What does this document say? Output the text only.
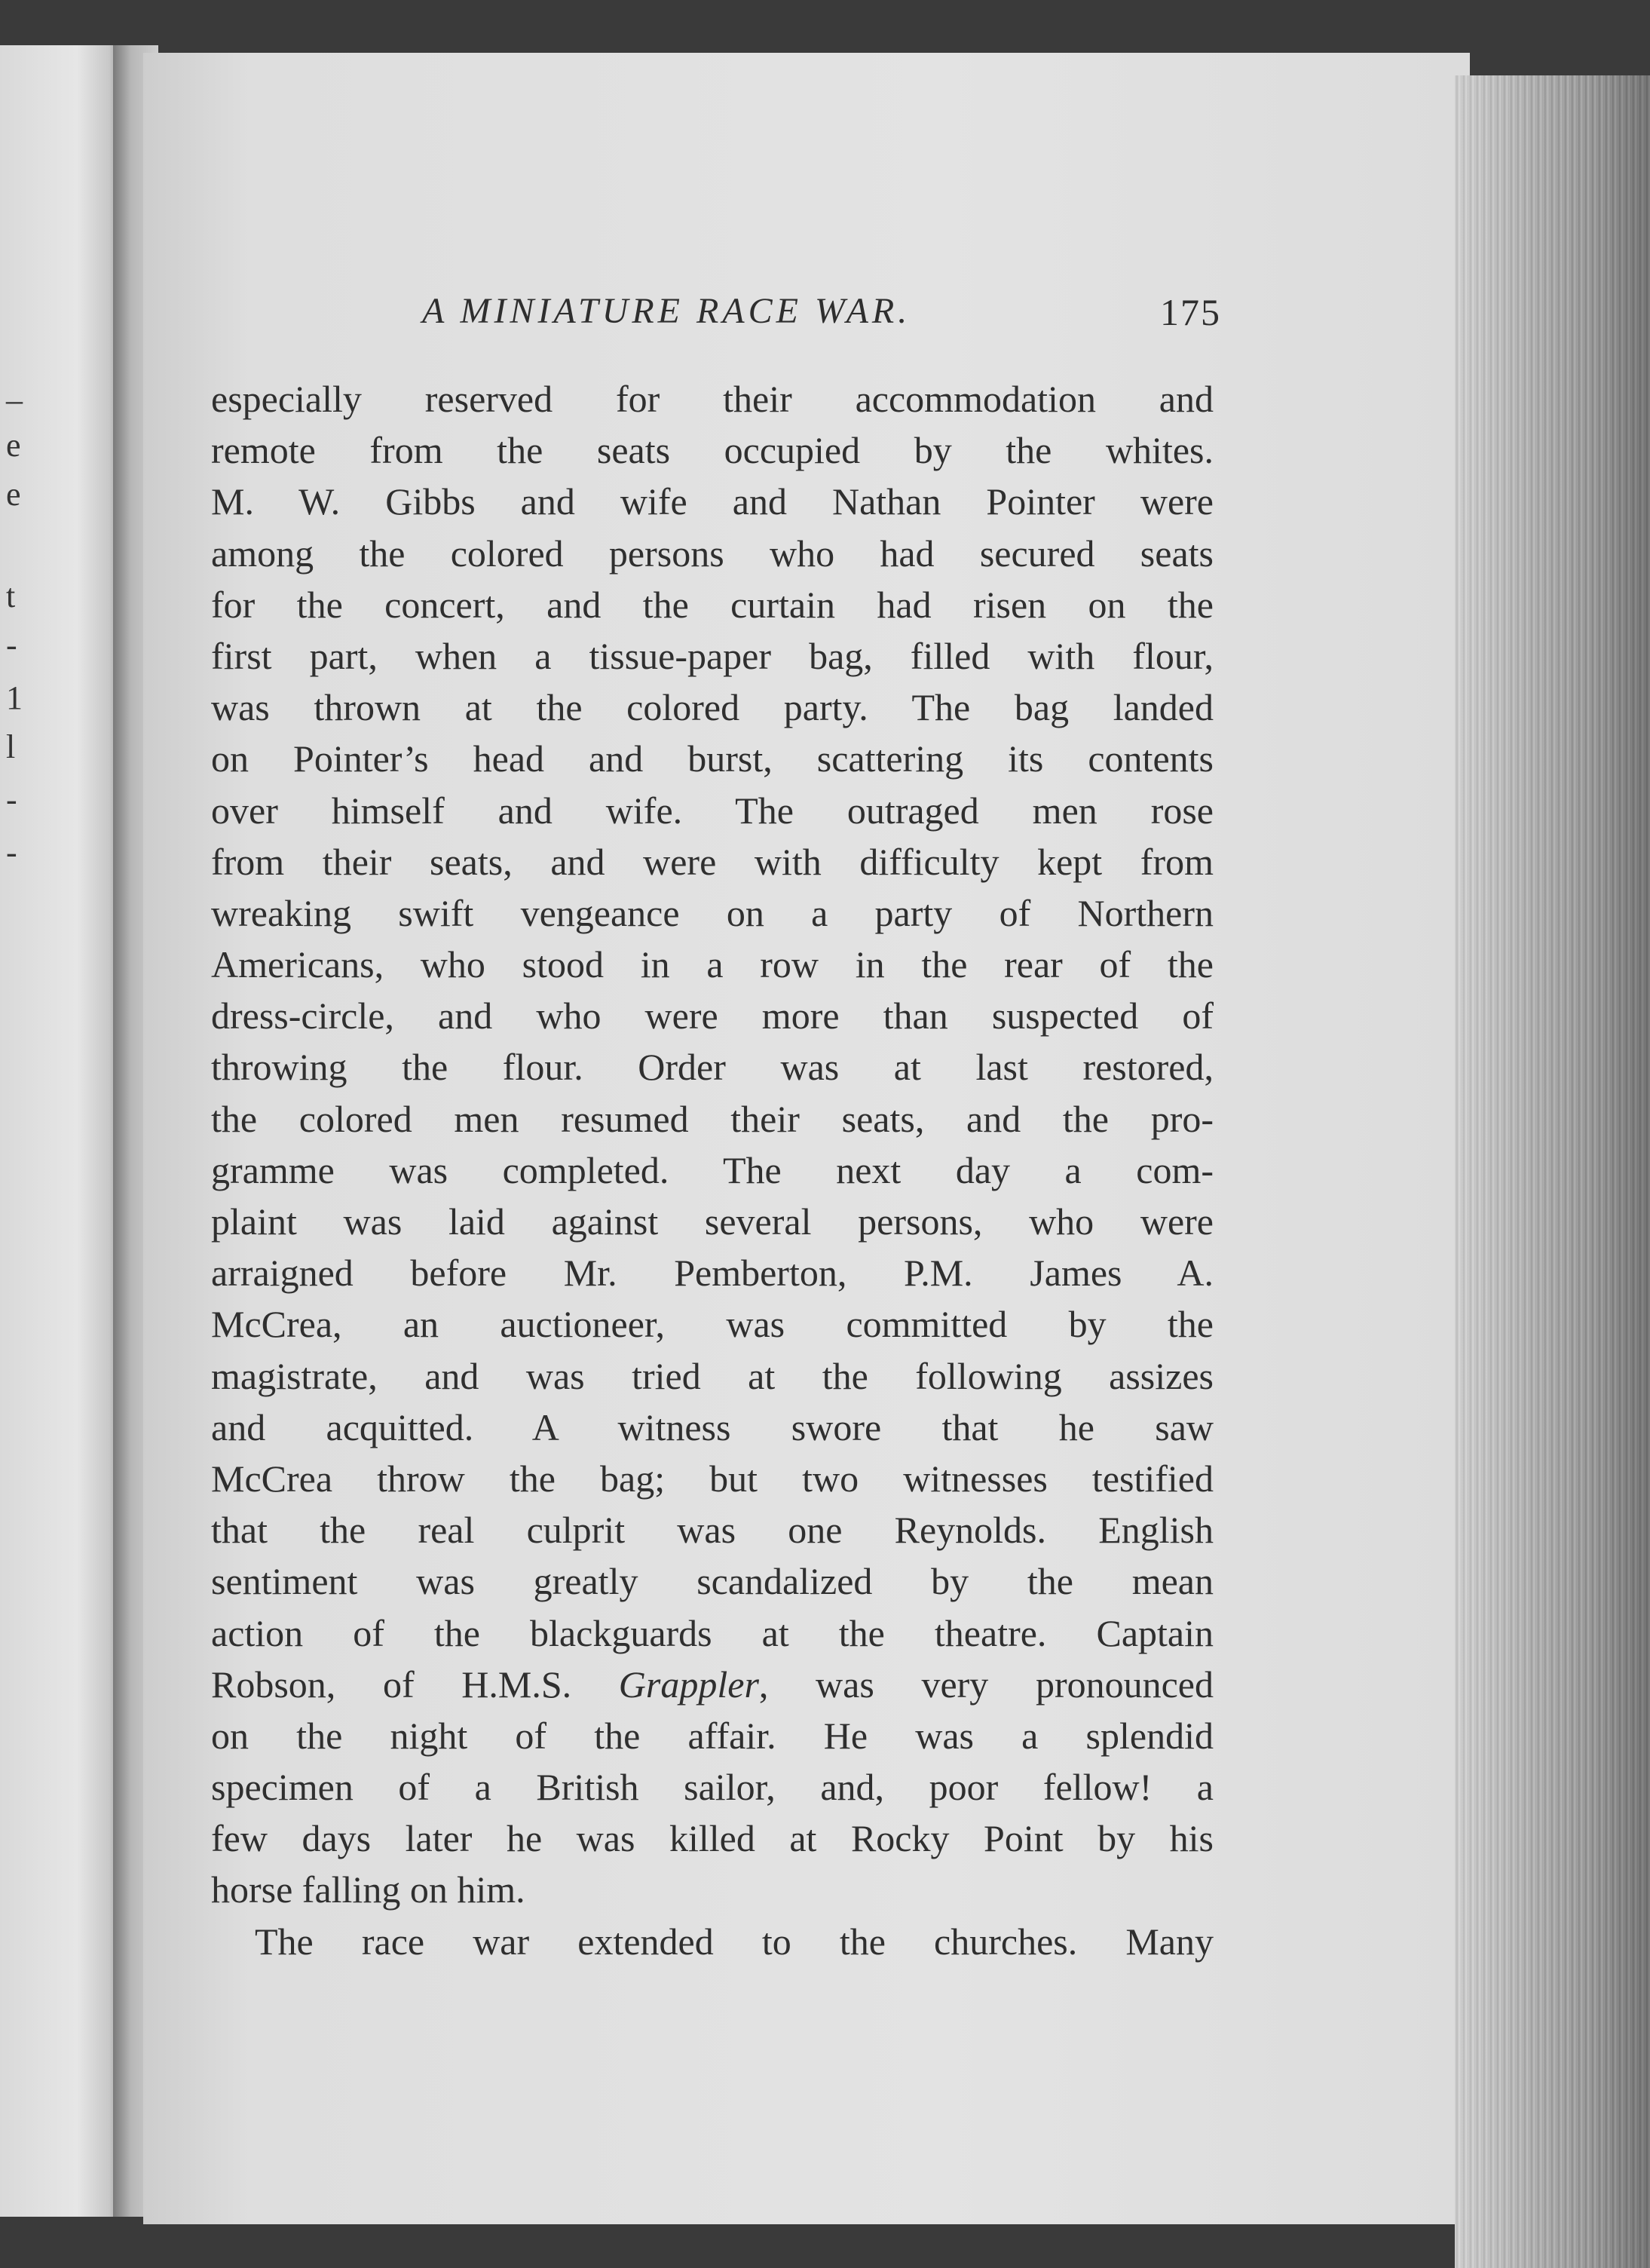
–
e
e
t
-
1
l
-
-
A MINIATURE RACE WAR.	175
especially reserved for their accommodation and
remote from the seats occupied by the whites.
M. W. Gibbs and wife and Nathan Pointer were
among the colored persons who had secured seats
for the concert, and the curtain had risen on the
first part, when a tissue-paper bag, filled with flour,
was thrown at the colored party. The bag landed
on Pointer’s head and burst, scattering its contents
over himself and wife. The outraged men rose
from their seats, and were with difficulty kept from
wreaking swift vengeance on a party of Northern
Americans, who stood in a row in the rear of the
dress-circle, and who were more than suspected of
throwing the flour. Order was at last restored,
the colored men resumed their seats, and the pro-
gramme was completed. The next day a com-
plaint was laid against several persons, who were
arraigned before Mr. Pemberton, P.M. James A.
McCrea, an auctioneer, was committed by the
magistrate, and was tried at the following assizes
and acquitted. A witness swore that he saw
McCrea throw the bag; but two witnesses testified
that the real culprit was one Reynolds. English
sentiment was greatly scandalized by the mean
action of the blackguards at the theatre. Captain
Robson, of H.M.S. Grappler, was very pronounced
on the night of the affair. He was a splendid
specimen of a British sailor, and, poor fellow! a
few days later he was killed at Rocky Point by his
horse falling on him.
The race war extended to the churches. Many
